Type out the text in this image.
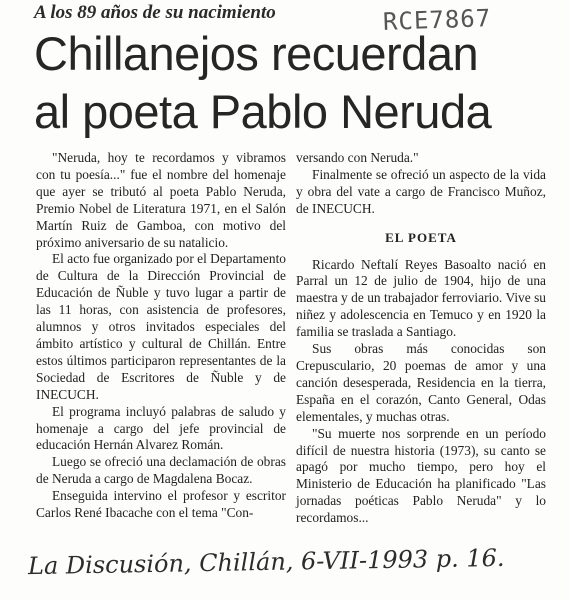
A los 89 años de su nacimiento	RCE7867
Chillanejos recuerdan
al poeta Pablo Neruda

"Neruda, hoy te recordamos y vibramos con tu poesía..." fue el nombre del homenaje que ayer se tributó al poeta Pablo Neruda, Premio Nobel de Literatura 1971, en el Salón Martín Ruiz de Gamboa, con motivo del próximo aniversario de su natalicio.

El acto fue organizado por el Departamento de Cultura de la Dirección Provincial de Educación de Ñuble y tuvo lugar a partir de las 11 horas, con asistencia de profesores, alumnos y otros invitados especiales del ámbito artístico y cultural de Chillán. Entre estos últimos participaron representantes de la Sociedad de Escritores de Ñuble y de INECUCH.

El programa incluyó palabras de saludo y homenaje a cargo del jefe provincial de educación Hernán Alvarez Román.

Luego se ofreció una declamación de obras de Neruda a cargo de Magdalena Bocaz.

Enseguida intervino el profesor y escritor Carlos René Ibacache con el tema "Con-

versando con Neruda."

Finalmente se ofreció un aspecto de la vida y obra del vate a cargo de Francisco Muñoz, de INECUCH.

EL POETA

Ricardo Neftalí Reyes Basoalto nació en Parral un 12 de julio de 1904, hijo de una maestra y de un trabajador ferroviario. Vive su niñez y adolescencia en Temuco y en 1920 la familia se traslada a Santiago.

Sus obras más conocidas son Crepusculario, 20 poemas de amor y una canción desesperada, Residencia en la tierra, España en el corazón, Canto General, Odas elementales, y muchas otras.

"Su muerte nos sorprende en un período difícil de nuestra historia (1973), su canto se apagó por mucho tiempo, pero hoy el Ministerio de Educación ha planificado "Las jornadas poéticas Pablo Neruda" y lo recordamos...

La Discusión, Chillán, 6-VII-1993 p. 16.
